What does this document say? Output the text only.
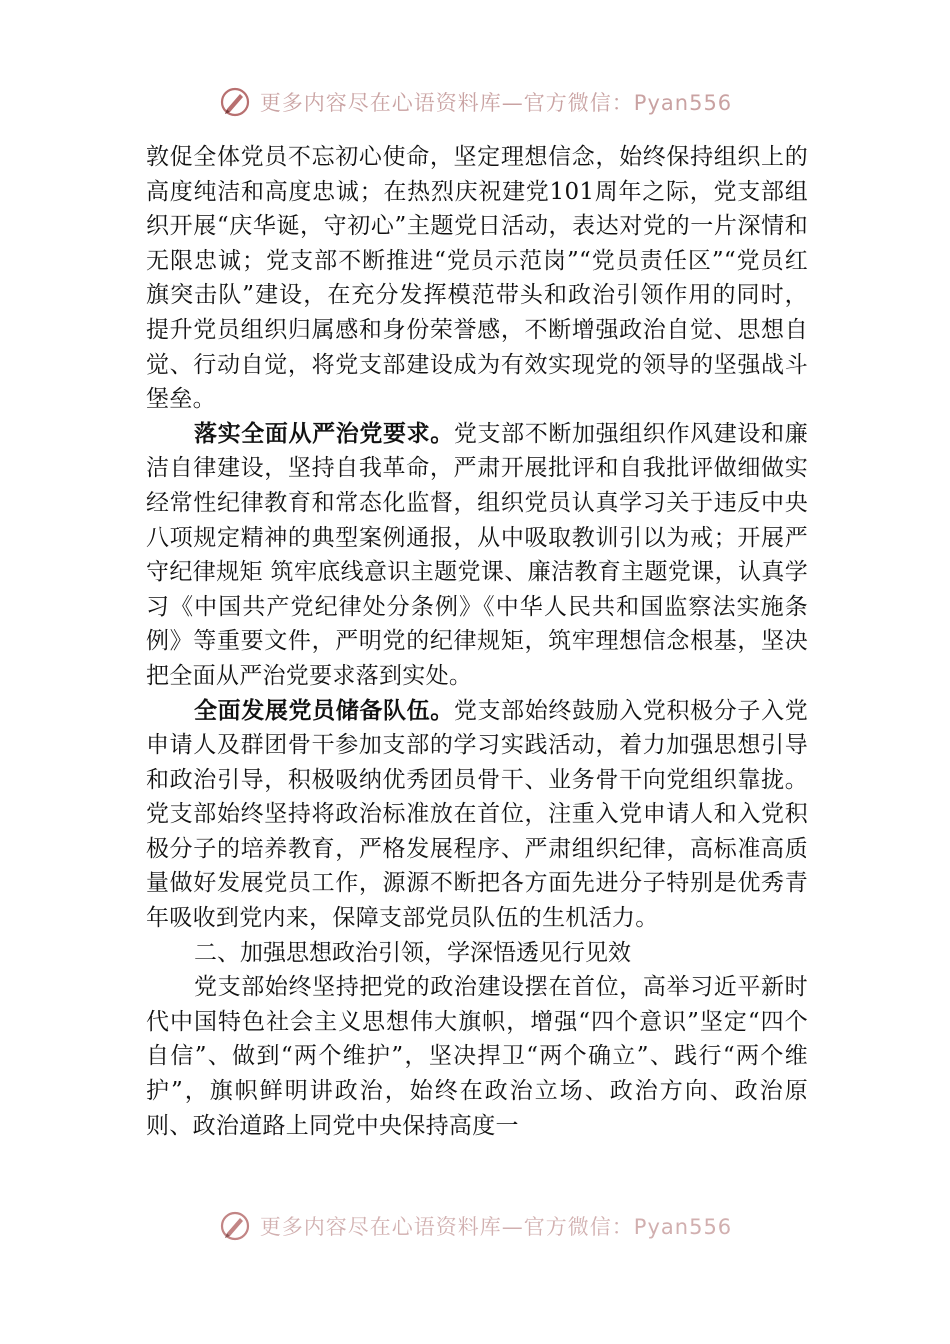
更多内容尽在心语资料库—官方微信：Pyan556

敦促全体党员不忘初心使命，坚定理想信念，始终保持组织上的高度纯洁和高度忠诚；在热烈庆祝建党101周年之际，党支部组织开展“庆华诞，守初心”主题党日活动，表达对党的一片深情和无限忠诚；党支部不断推进“党员示范岗”“党员责任区”“党员红旗突击队”建设，在充分发挥模范带头和政治引领作用的同时，提升党员组织归属感和身份荣誉感，不断增强政治自觉、思想自觉、行动自觉，将党支部建设成为有效实现党的领导的坚强战斗堡垒。

落实全面从严治党要求。党支部不断加强组织作风建设和廉洁自律建设，坚持自我革命，严肃开展批评和自我批评做细做实经常性纪律教育和常态化监督，组织党员认真学习关于违反中央八项规定精神的典型案例通报，从中吸取教训引以为戒；开展严守纪律规矩 筑牢底线意识主题党课、廉洁教育主题党课，认真学习《中国共产党纪律处分条例》《中华人民共和国监察法实施条例》等重要文件，严明党的纪律规矩，筑牢理想信念根基，坚决把全面从严治党要求落到实处。

全面发展党员储备队伍。党支部始终鼓励入党积极分子入党申请人及群团骨干参加支部的学习实践活动，着力加强思想引导和政治引导，积极吸纳优秀团员骨干、业务骨干向党组织靠拢。党支部始终坚持将政治标准放在首位，注重入党申请人和入党积极分子的培养教育，严格发展程序、严肃组织纪律，高标准高质量做好发展党员工作，源源不断把各方面先进分子特别是优秀青年吸收到党内来，保障支部党员队伍的生机活力。

二、加强思想政治引领，学深悟透见行见效

党支部始终坚持把党的政治建设摆在首位，高举习近平新时代中国特色社会主义思想伟大旗帜，增强“四个意识”坚定“四个自信”、做到“两个维护”，坚决捍卫“两个确立”、践行“两个维护”，旗帜鲜明讲政治，始终在政治立场、政治方向、政治原则、政治道路上同党中央保持高度一

更多内容尽在心语资料库—官方微信：Pyan556
